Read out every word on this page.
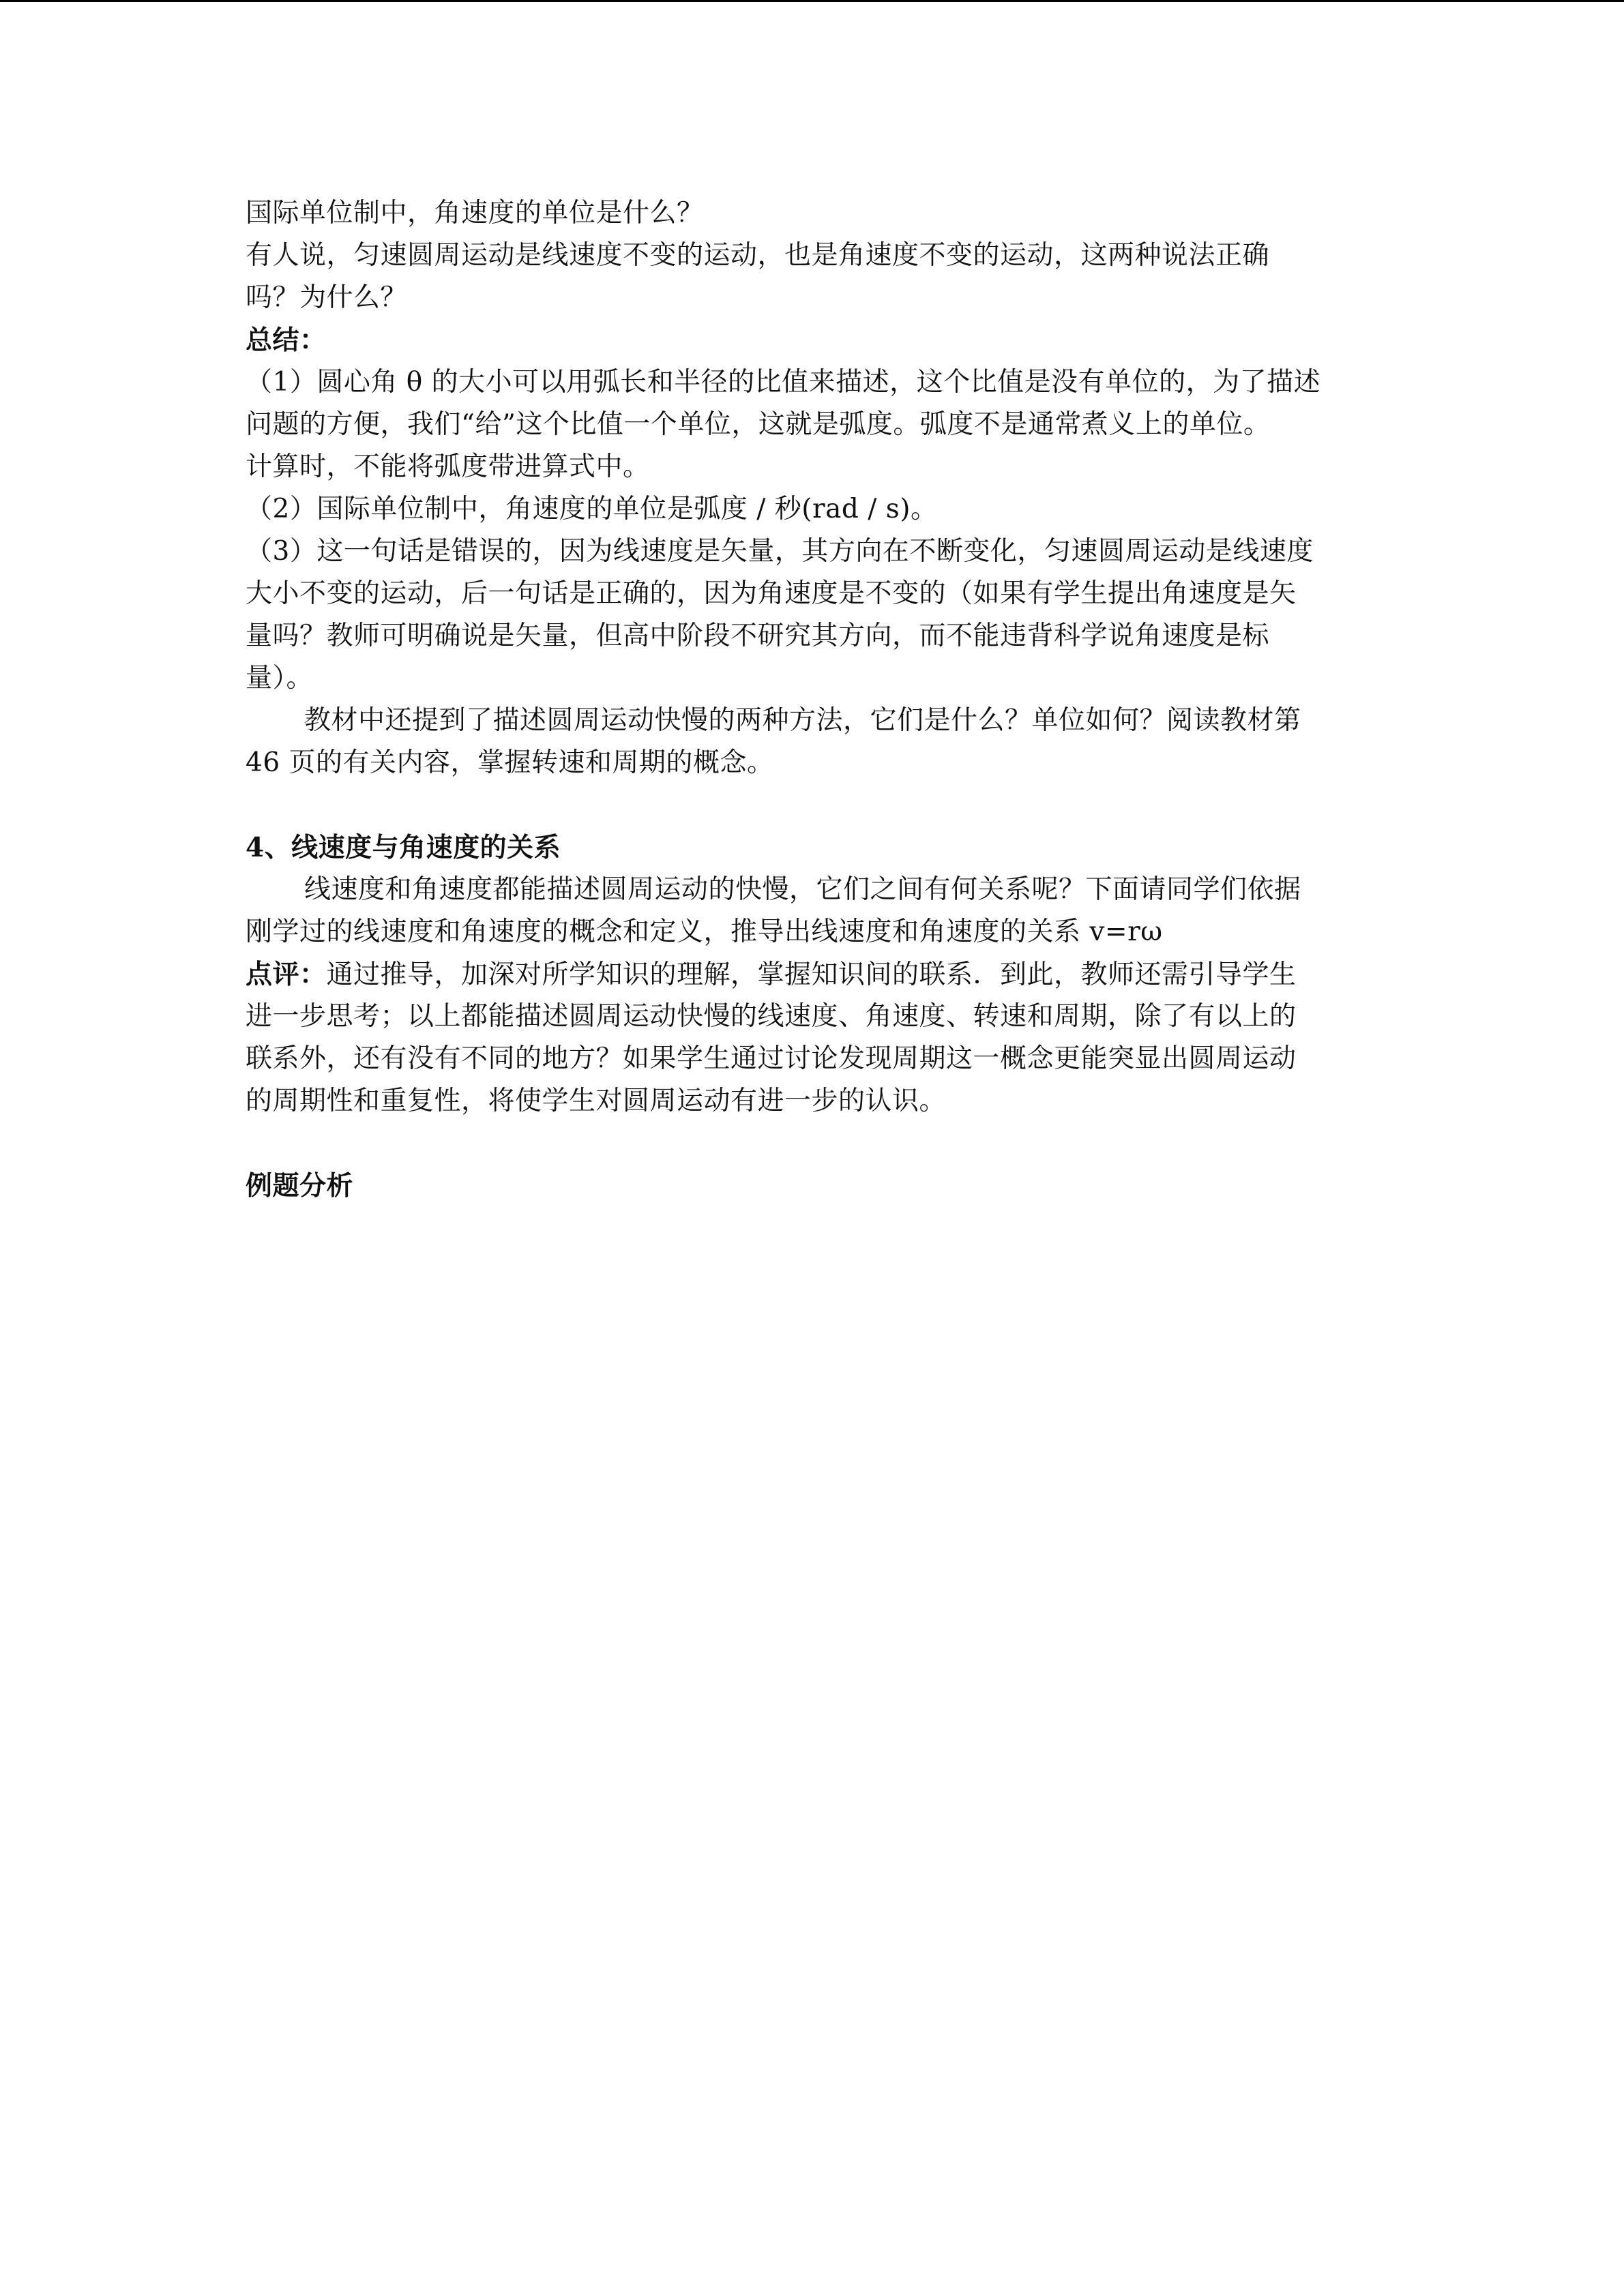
国际单位制中，角速度的单位是什么？
有人说，匀速圆周运动是线速度不变的运动，也是角速度不变的运动，这两种说法正确
吗？为什么？
总结：
（1）圆心角 θ 的大小可以用弧长和半径的比值来描述，这个比值是没有单位的，为了描述
问题的方便，我们“给”这个比值一个单位，这就是弧度。弧度不是通常煮义上的单位。
计算时，不能将弧度带进算式中。
（2）国际单位制中，角速度的单位是弧度 / 秒(rad / s)。
（3）这一句话是错误的，因为线速度是矢量，其方向在不断变化，匀速圆周运动是线速度
大小不变的运动，后一句话是正确的，因为角速度是不变的（如果有学生提出角速度是矢
量吗？教师可明确说是矢量，但高中阶段不研究其方向，而不能违背科学说角速度是标
量）。
教材中还提到了描述圆周运动快慢的两种方法，它们是什么？单位如何？阅读教材第
46 页的有关内容，掌握转速和周期的概念。
4、线速度与角速度的关系
线速度和角速度都能描述圆周运动的快慢，它们之间有何关系呢？下面请同学们依据
刚学过的线速度和角速度的概念和定义，推导出线速度和角速度的关系 v=rω
点评：通过推导，加深对所学知识的理解，掌握知识间的联系．到此，教师还需引导学生
进一步思考；以上都能描述圆周运动快慢的线速度、角速度、转速和周期，除了有以上的
联系外，还有没有不同的地方？如果学生通过讨论发现周期这一概念更能突显出圆周运动
的周期性和重复性，将使学生对圆周运动有进一步的认识。
例题分析
